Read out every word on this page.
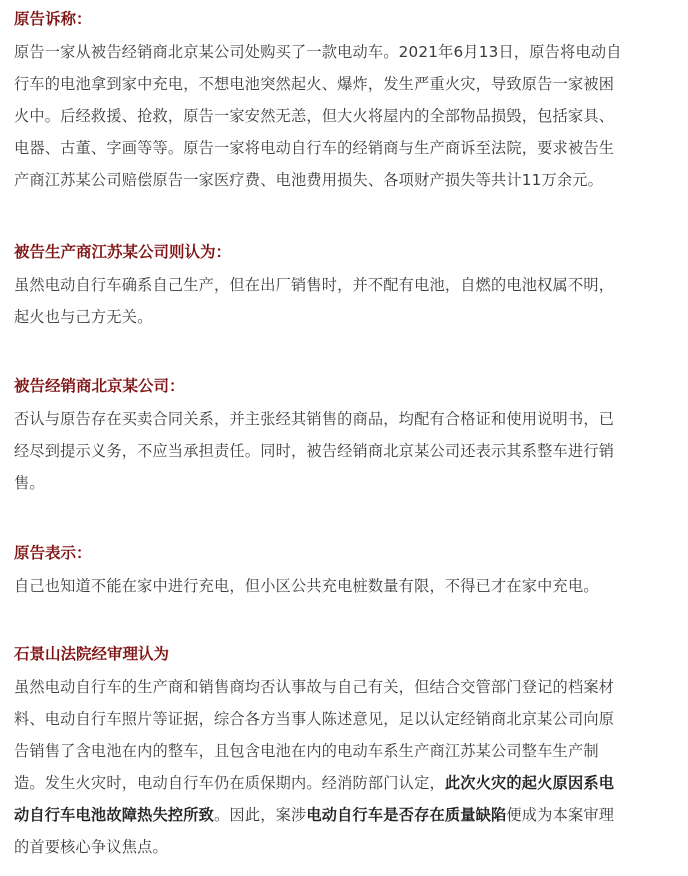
原告诉称：
原告一家从被告经销商北京某公司处购买了一款电动车。2021年6月13日，原告将电动自
行车的电池拿到家中充电，不想电池突然起火、爆炸，发生严重火灾，导致原告一家被困
火中。后经救援、抢救，原告一家安然无恙，但大火将屋内的全部物品损毁，包括家具、
电器、古董、字画等等。原告一家将电动自行车的经销商与生产商诉至法院，要求被告生
产商江苏某公司赔偿原告一家医疗费、电池费用损失、各项财产损失等共计11万余元。
被告生产商江苏某公司则认为：
虽然电动自行车确系自己生产，但在出厂销售时，并不配有电池，自燃的电池权属不明，
起火也与己方无关。
被告经销商北京某公司：
否认与原告存在买卖合同关系，并主张经其销售的商品，均配有合格证和使用说明书，已
经尽到提示义务，不应当承担责任。同时，被告经销商北京某公司还表示其系整车进行销
售。
原告表示：
自己也知道不能在家中进行充电，但小区公共充电桩数量有限，不得已才在家中充电。
石景山法院经审理认为
虽然电动自行车的生产商和销售商均否认事故与自己有关，但结合交管部门登记的档案材
料、电动自行车照片等证据，综合各方当事人陈述意见，足以认定经销商北京某公司向原
告销售了含电池在内的整车，且包含电池在内的电动车系生产商江苏某公司整车生产制
造。发生火灾时，电动自行车仍在质保期内。经消防部门认定，此次火灾的起火原因系电
动自行车电池故障热失控所致。因此，案涉电动自行车是否存在质量缺陷便成为本案审理
的首要核心争议焦点。
